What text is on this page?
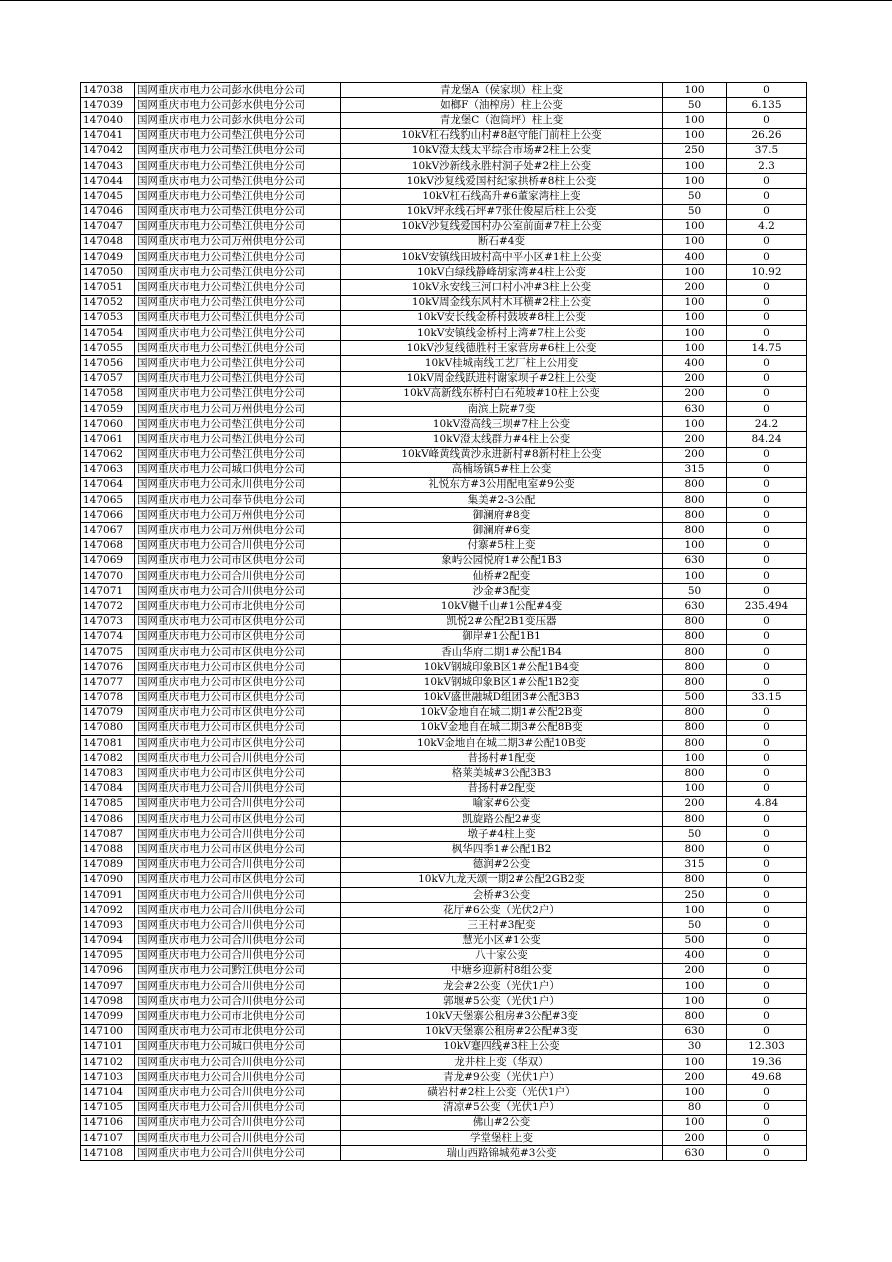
147038	国网重庆市电力公司彭水供电分公司	青龙堡A（侯家坝）柱上变	100	0
147039	国网重庆市电力公司彭水供电分公司	如榔F（油榨房）柱上公变	50	6.135
147040	国网重庆市电力公司彭水供电分公司	青龙堡C（泡筒坪）柱上变	100	0
147041	国网重庆市电力公司垫江供电分公司	10kV杠石线豹山村#8赵守能门前柱上公变	100	26.26
147042	国网重庆市电力公司垫江供电分公司	10kV澄太线太平综合市场#2柱上公变	250	37.5
147043	国网重庆市电力公司垫江供电分公司	10kV沙新线永胜村洞子处#2柱上公变	100	2.3
147044	国网重庆市电力公司垫江供电分公司	10kV沙复线爱国村纪家拱桥#8柱上公变	100	0
147045	国网重庆市电力公司垫江供电分公司	10kV杠石线高升#6董家湾柱上变	50	0
147046	国网重庆市电力公司垫江供电分公司	10kV坪永线石坪#7张仕俊屋后柱上公变	50	0
147047	国网重庆市电力公司垫江供电分公司	10kV沙复线爱国村办公室前面#7柱上公变	100	4.2
147048	国网重庆市电力公司万州供电分公司	断石#4变	100	0
147049	国网重庆市电力公司垫江供电分公司	10kV安镇线田坡村高中平小区#1柱上公变	400	0
147050	国网重庆市电力公司垫江供电分公司	10kV白绿线静峰胡家湾#4柱上公变	100	10.92
147051	国网重庆市电力公司垫江供电分公司	10kV永安线三河口村小冲#3柱上公变	200	0
147052	国网重庆市电力公司垫江供电分公司	10kV周金线东风村木耳横#2柱上公变	100	0
147053	国网重庆市电力公司垫江供电分公司	10kV安长线金桥村鼓坡#8柱上公变	100	0
147054	国网重庆市电力公司垫江供电分公司	10kV安镇线金桥村上湾#7柱上公变	100	0
147055	国网重庆市电力公司垫江供电分公司	10kV沙复线德胜村王家营房#6柱上公变	100	14.75
147056	国网重庆市电力公司垫江供电分公司	10kV桂城南线工艺厂柱上公用变	400	0
147057	国网重庆市电力公司垫江供电分公司	10kV周金线跃进村谢家坝子#2柱上公变	200	0
147058	国网重庆市电力公司垫江供电分公司	10kV高新线东桥村白石苑坡#10柱上公变	200	0
147059	国网重庆市电力公司万州供电分公司	南滨上院#7变	630	0
147060	国网重庆市电力公司垫江供电分公司	10kV澄高线三坝#7柱上公变	100	24.2
147061	国网重庆市电力公司垫江供电分公司	10kV澄太线群力#4柱上公变	200	84.24
147062	国网重庆市电力公司垫江供电分公司	10kV峰黄线黄沙永进新村#8新村柱上公变	200	0
147063	国网重庆市电力公司城口供电分公司	高楠场镇5#柱上公变	315	0
147064	国网重庆市电力公司永川供电分公司	礼悦东方#3公用配电室#9公变	800	0
147065	国网重庆市电力公司奉节供电分公司	集美#2-3公配	800	0
147066	国网重庆市电力公司万州供电分公司	御澜府#8变	800	0
147067	国网重庆市电力公司万州供电分公司	御澜府#6变	800	0
147068	国网重庆市电力公司合川供电分公司	付寨#5柱上变	100	0
147069	国网重庆市电力公司市区供电分公司	象屿公园悦府1#公配1B3	630	0
147070	国网重庆市电力公司合川供电分公司	仙桥#2配变	100	0
147071	国网重庆市电力公司合川供电分公司	沙金#3配变	50	0
147072	国网重庆市电力公司市北供电分公司	10kV樾千山#1公配#4变	630	235.494
147073	国网重庆市电力公司市区供电分公司	凯悦2#公配2B1变压器	800	0
147074	国网重庆市电力公司市区供电分公司	御岸#1公配1B1	800	0
147075	国网重庆市电力公司市区供电分公司	香山华府二期1#公配1B4	800	0
147076	国网重庆市电力公司市区供电分公司	10kV钢城印象B区1#公配1B4变	800	0
147077	国网重庆市电力公司市区供电分公司	10kV钢城印象B区1#公配1B2变	800	0
147078	国网重庆市电力公司市区供电分公司	10kV盛世融城D组团3#公配3B3	500	33.15
147079	国网重庆市电力公司市区供电分公司	10kV金地自在城二期1#公配2B变	800	0
147080	国网重庆市电力公司市区供电分公司	10kV金地自在城二期3#公配8B变	800	0
147081	国网重庆市电力公司市区供电分公司	10kV金地自在城二期3#公配10B变	800	0
147082	国网重庆市电力公司合川供电分公司	昔扬村#1配变	100	0
147083	国网重庆市电力公司市区供电分公司	格莱美城#3公配3B3	800	0
147084	国网重庆市电力公司合川供电分公司	昔扬村#2配变	100	0
147085	国网重庆市电力公司合川供电分公司	喻家#6公变	200	4.84
147086	国网重庆市电力公司市区供电分公司	凯旋路公配2#变	800	0
147087	国网重庆市电力公司合川供电分公司	墩子#4柱上变	50	0
147088	国网重庆市电力公司市区供电分公司	枫华四季1#公配1B2	800	0
147089	国网重庆市电力公司合川供电分公司	德润#2公变	315	0
147090	国网重庆市电力公司市区供电分公司	10kV九龙天颂一期2#公配2GB2变	800	0
147091	国网重庆市电力公司合川供电分公司	会桥#3公变	250	0
147092	国网重庆市电力公司合川供电分公司	花厅#6公变（光伏2户）	100	0
147093	国网重庆市电力公司合川供电分公司	三王村#3配变	50	0
147094	国网重庆市电力公司合川供电分公司	慧光小区#1公变	500	0
147095	国网重庆市电力公司合川供电分公司	八十家公变	400	0
147096	国网重庆市电力公司黔江供电分公司	中塘乡迎新村8组公变	200	0
147097	国网重庆市电力公司合川供电分公司	龙会#2公变（光伏1户）	100	0
147098	国网重庆市电力公司合川供电分公司	郭堰#5公变（光伏1户）	100	0
147099	国网重庆市电力公司市北供电分公司	10kV天堡寨公租房#3公配#3变	800	0
147100	国网重庆市电力公司市北供电分公司	10kV天堡寨公租房#2公配#3变	630	0
147101	国网重庆市电力公司城口供电分公司	10kV蹇四线#3柱上公变	30	12.303
147102	国网重庆市电力公司合川供电分公司	龙井柱上变（华双）	100	19.36
147103	国网重庆市电力公司合川供电分公司	青龙#9公变（光伏1户）	200	49.68
147104	国网重庆市电力公司合川供电分公司	磺岩村#2柱上公变（光伏1户）	100	0
147105	国网重庆市电力公司合川供电分公司	清凉#5公变（光伏1户）	80	0
147106	国网重庆市电力公司合川供电分公司	佛山#2公变	100	0
147107	国网重庆市电力公司合川供电分公司	学堂堡柱上变	200	0
147108	国网重庆市电力公司合川供电分公司	瑞山西路锦城苑#3公变	630	0
